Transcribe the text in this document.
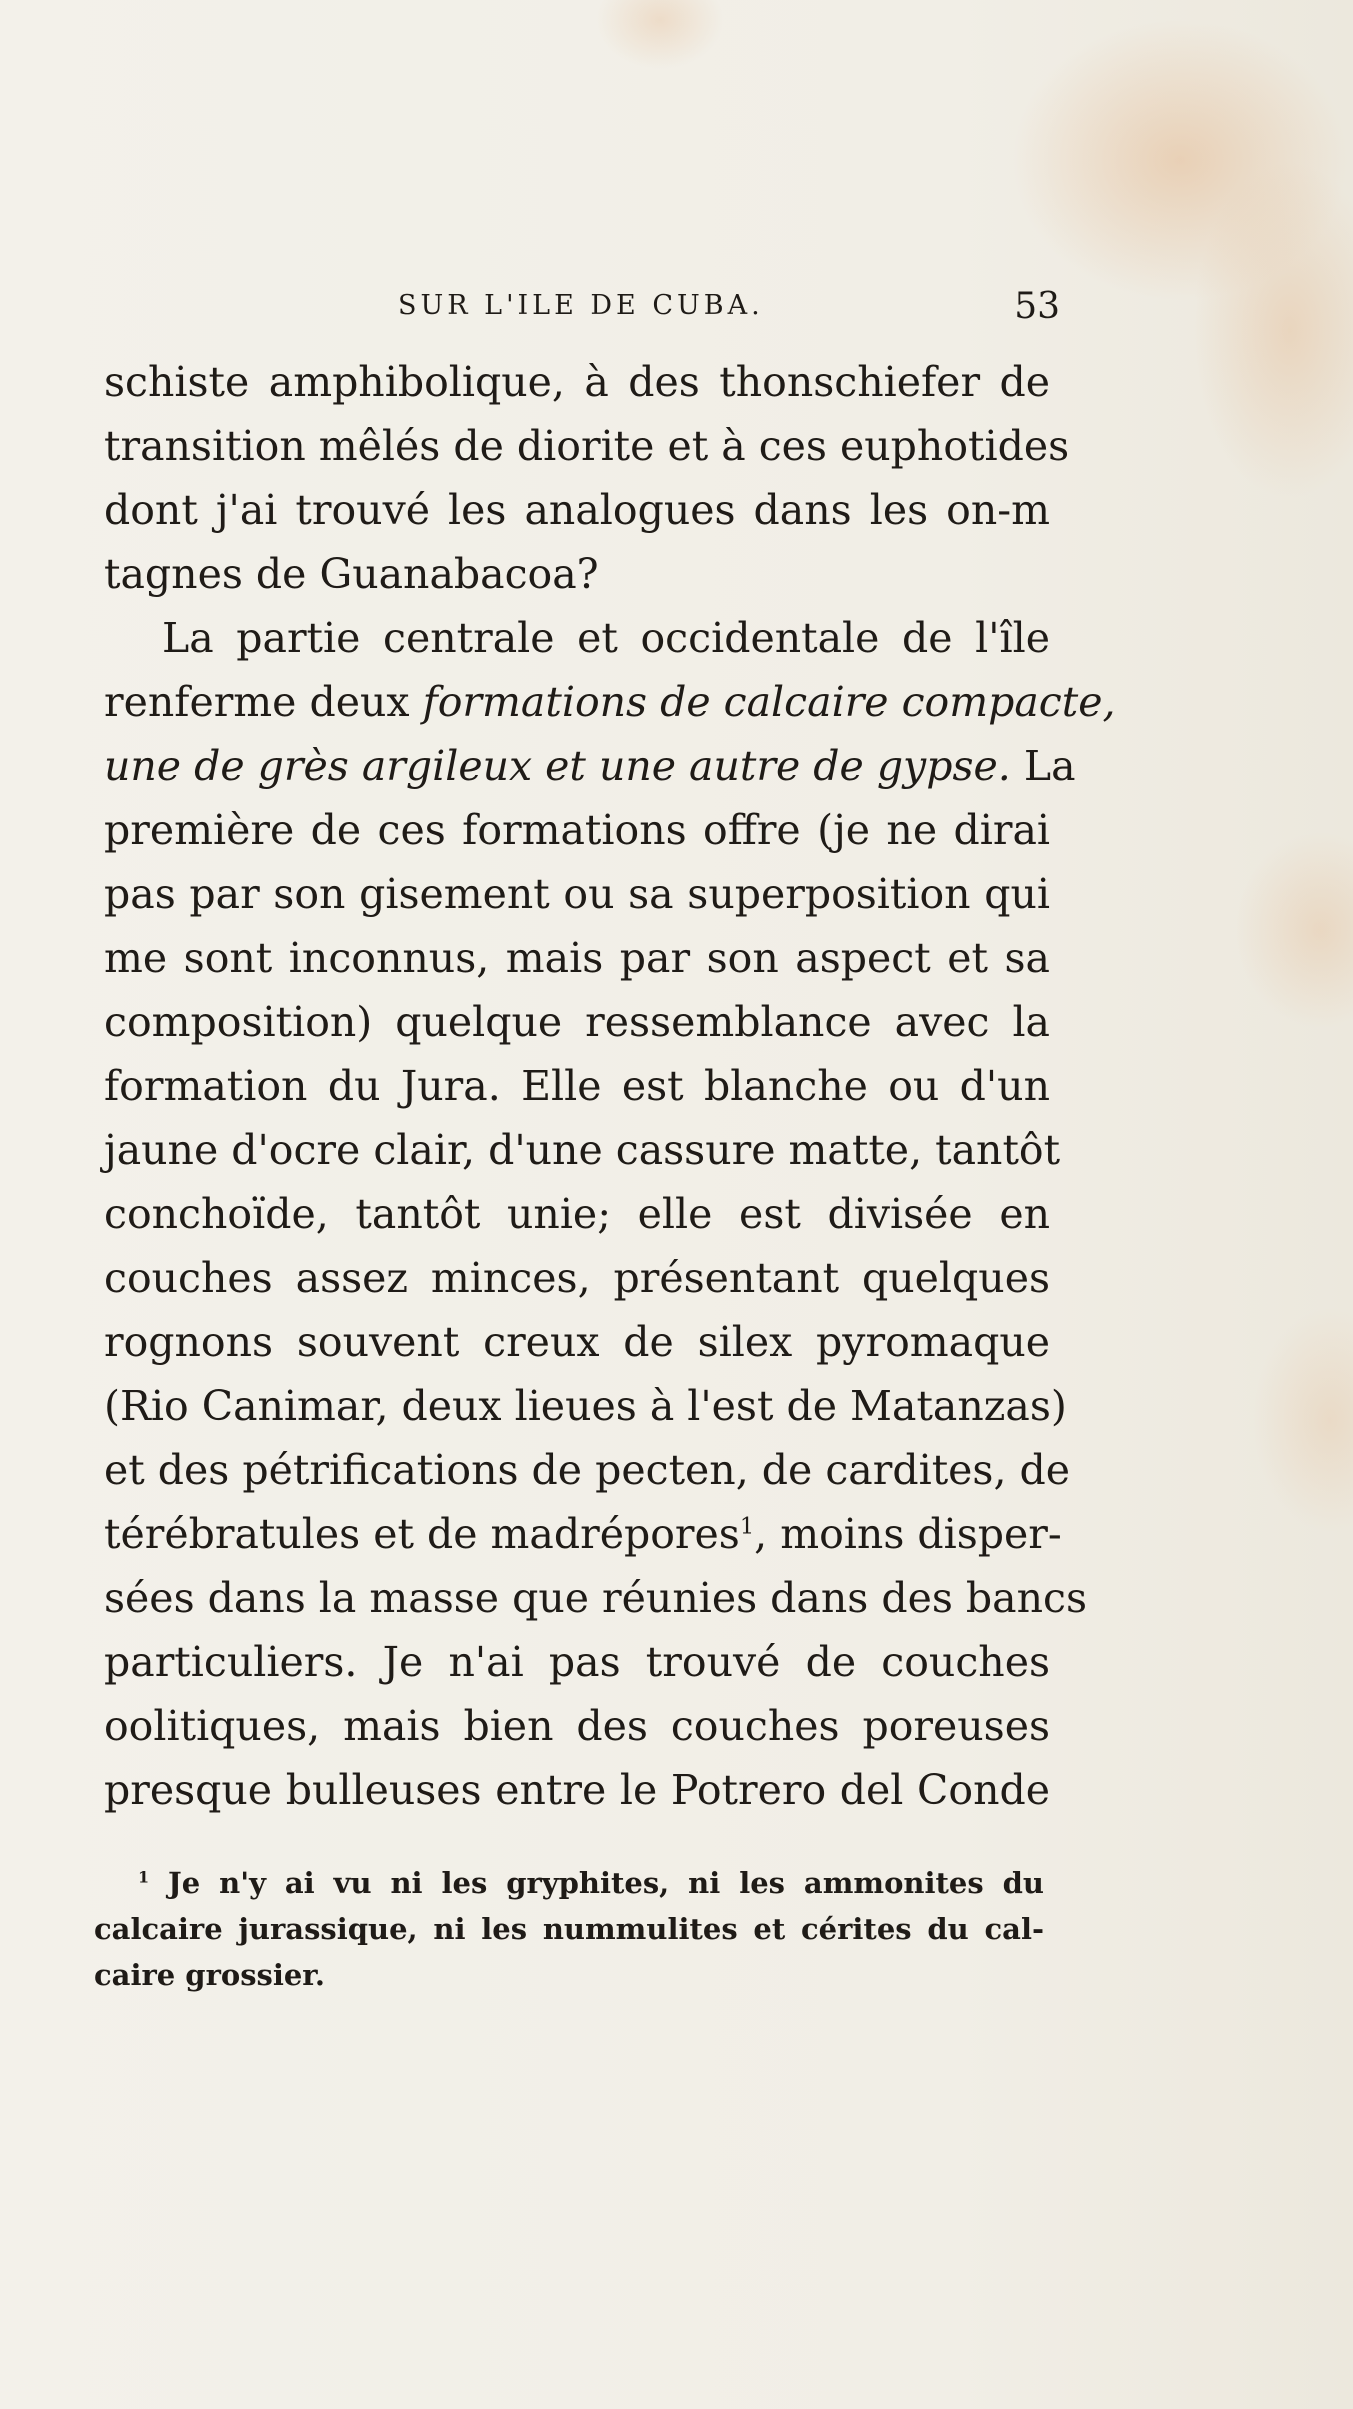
SUR L'ILE DE CUBA.	53
schiste amphibolique, à des thonschiefer de
transition mêlés de diorite et à ces euphotides
dont j'ai trouvé les analogues dans les on-m
tagnes de Guanabacoa?
La partie centrale et occidentale de l'île
renferme deux formations de calcaire compacte,
une de grès argileux et une autre de gypse. La
première de ces formations offre (je ne dirai
pas par son gisement ou sa superposition qui
me sont inconnus, mais par son aspect et sa
composition) quelque ressemblance avec la
formation du Jura. Elle est blanche ou d'un
jaune d'ocre clair, d'une cassure matte, tantôt
conchoïde, tantôt unie; elle est divisée en
couches assez minces, présentant quelques
rognons souvent creux de silex pyromaque
(Rio Canimar, deux lieues à l'est de Matanzas)
et des pétrifications de pecten, de cardites, de
térébratules et de madrépores$^1$, moins disper-
sées dans la masse que réunies dans des bancs
particuliers. Je n'ai pas trouvé de couches
oolitiques, mais bien des couches poreuses
presque bulleuses entre le Potrero del Conde
$^1$ Je n'y ai vu ni les gryphites, ni les ammonites du
calcaire jurassique, ni les nummulites et cérites du cal-
caire grossier.
